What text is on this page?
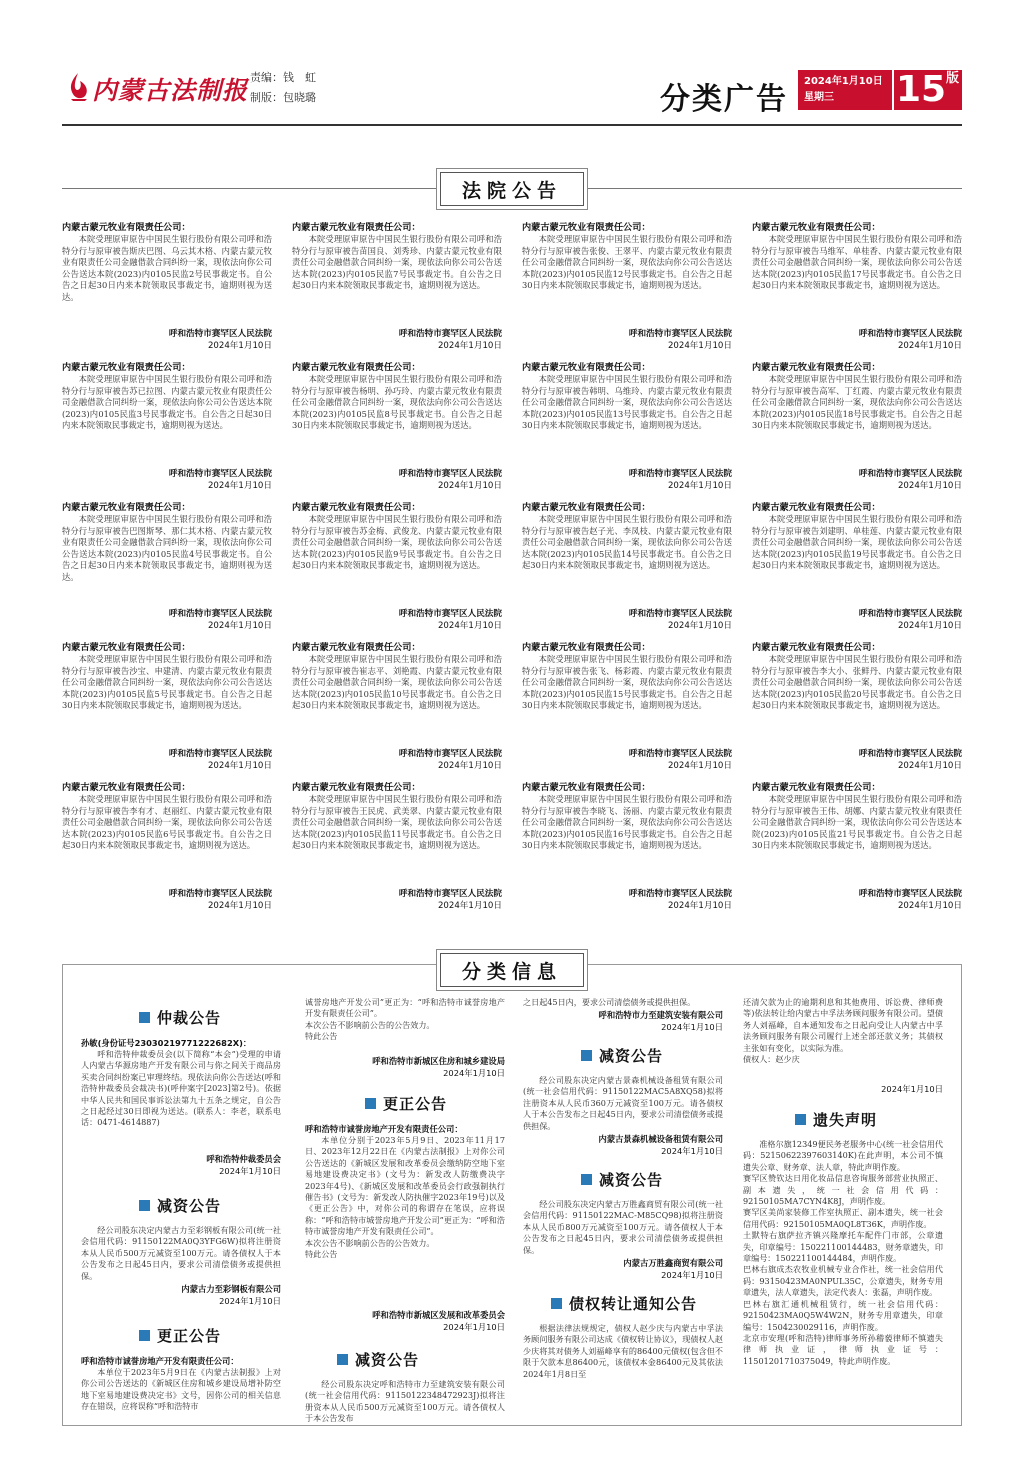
内蒙古法制报 责编：钱　虹
制版：包晓璐	分类广告
2024年1月10日
星期三	15 版
法院公告
内蒙古蒙元牧业有限责任公司：
本院受理原审原告中国民生银行股份有限公司呼和浩特分行与原审被告斯庆巴图、乌云其木格、内蒙古蒙元牧业有限责任公司金融借款合同纠纷一案，现依法向你公司公告送达本院(2023)内0105民监2号民事裁定书。自公告之日起30日内来本院领取民事裁定书，逾期则视为送达。
呼和浩特市赛罕区人民法院
2024年1月10日
内蒙古蒙元牧业有限责任公司：
本院受理原审原告中国民生银行股份有限公司呼和浩特分行与原审被告苏已拉图、内蒙古蒙元牧业有限责任公司金融借款合同纠纷一案，现依法向你公司公告送达本院(2023)内0105民监3号民事裁定书。自公告之日起30日内来本院领取民事裁定书，逾期则视为送达。
呼和浩特市赛罕区人民法院
2024年1月10日
内蒙古蒙元牧业有限责任公司：
本院受理原审原告中国民生银行股份有限公司呼和浩特分行与原审被告巴图斯琴、那仁其木格、内蒙古蒙元牧业有限责任公司金融借款合同纠纷一案，现依法向你公司公告送达本院(2023)内0105民监4号民事裁定书。自公告之日起30日内来本院领取民事裁定书，逾期则视为送达。
呼和浩特市赛罕区人民法院
2024年1月10日
内蒙古蒙元牧业有限责任公司：
本院受理原审原告中国民生银行股份有限公司呼和浩特分行与原审被告沙宝、申建清、内蒙古蒙元牧业有限责任公司金融借款合同纠纷一案，现依法向你公司公告送达本院(2023)内0105民监5号民事裁定书。自公告之日起30日内来本院领取民事裁定书，逾期则视为送达。
呼和浩特市赛罕区人民法院
2024年1月10日
内蒙古蒙元牧业有限责任公司：
本院受理原审原告中国民生银行股份有限公司呼和浩特分行与原审被告李有才、赵丽红、内蒙古蒙元牧业有限责任公司金融借款合同纠纷一案，现依法向你公司公告送达本院(2023)内0105民监6号民事裁定书。自公告之日起30日内来本院领取民事裁定书，逾期则视为送达。
呼和浩特市赛罕区人民法院
2024年1月10日
内蒙古蒙元牧业有限责任公司：
本院受理原审原告中国民生银行股份有限公司呼和浩特分行与原审被告苗国良、刘秀珍、内蒙古蒙元牧业有限责任公司金融借款合同纠纷一案，现依法向你公司公告送达本院(2023)内0105民监7号民事裁定书。自公告之日起30日内来本院领取民事裁定书，逾期则视为送达。
呼和浩特市赛罕区人民法院
2024年1月10日
内蒙古蒙元牧业有限责任公司：
本院受理原审原告中国民生银行股份有限公司呼和浩特分行与原审被告杨明、孙巧玲、内蒙古蒙元牧业有限责任公司金融借款合同纠纷一案，现依法向你公司公告送达本院(2023)内0105民监8号民事裁定书。自公告之日起30日内来本院领取民事裁定书，逾期则视为送达。
呼和浩特市赛罕区人民法院
2024年1月10日
内蒙古蒙元牧业有限责任公司：
本院受理原审原告中国民生银行股份有限公司呼和浩特分行与原审被告苏金梅、武俊龙、内蒙古蒙元牧业有限责任公司金融借款合同纠纷一案，现依法向你公司公告送达本院(2023)内0105民监9号民事裁定书。自公告之日起30日内来本院领取民事裁定书，逾期则视为送达。
呼和浩特市赛罕区人民法院
2024年1月10日
内蒙古蒙元牧业有限责任公司：
本院受理原审原告中国民生银行股份有限公司呼和浩特分行与原审被告崔志平、刘艳霞、内蒙古蒙元牧业有限责任公司金融借款合同纠纷一案，现依法向你公司公告送达本院(2023)内0105民监10号民事裁定书。自公告之日起30日内来本院领取民事裁定书，逾期则视为送达。
呼和浩特市赛罕区人民法院
2024年1月10日
内蒙古蒙元牧业有限责任公司：
本院受理原审原告中国民生银行股份有限公司呼和浩特分行与原审被告王民虎、武美翠、内蒙古蒙元牧业有限责任公司金融借款合同纠纷一案，现依法向你公司公告送达本院(2023)内0105民监11号民事裁定书。自公告之日起30日内来本院领取民事裁定书，逾期则视为送达。
呼和浩特市赛罕区人民法院
2024年1月10日
内蒙古蒙元牧业有限责任公司：
本院受理原审原告中国民生银行股份有限公司呼和浩特分行与原审被告张俊、王翠平、内蒙古蒙元牧业有限责任公司金融借款合同纠纷一案，现依法向你公司公告送达本院(2023)内0105民监12号民事裁定书。自公告之日起30日内来本院领取民事裁定书，逾期则视为送达。
呼和浩特市赛罕区人民法院
2024年1月10日
内蒙古蒙元牧业有限责任公司：
本院受理原审原告中国民生银行股份有限公司呼和浩特分行与原审被告韩明、乌维玲、内蒙古蒙元牧业有限责任公司金融借款合同纠纷一案，现依法向你公司公告送达本院(2023)内0105民监13号民事裁定书。自公告之日起30日内来本院领取民事裁定书，逾期则视为送达。
呼和浩特市赛罕区人民法院
2024年1月10日
内蒙古蒙元牧业有限责任公司：
本院受理原审原告中国民生银行股份有限公司呼和浩特分行与原审被告赵子光、李凤枝、内蒙古蒙元牧业有限责任公司金融借款合同纠纷一案，现依法向你公司公告送达本院(2023)内0105民监14号民事裁定书。自公告之日起30日内来本院领取民事裁定书，逾期则视为送达。
呼和浩特市赛罕区人民法院
2024年1月10日
内蒙古蒙元牧业有限责任公司：
本院受理原审原告中国民生银行股份有限公司呼和浩特分行与原审被告张飞、杨彩霞、内蒙古蒙元牧业有限责任公司金融借款合同纠纷一案，现依法向你公司公告送达本院(2023)内0105民监15号民事裁定书。自公告之日起30日内来本院领取民事裁定书，逾期则视为送达。
呼和浩特市赛罕区人民法院
2024年1月10日
内蒙古蒙元牧业有限责任公司：
本院受理原审原告中国民生银行股份有限公司呼和浩特分行与原审被告李晓飞、汤丽、内蒙古蒙元牧业有限责任公司金融借款合同纠纷一案，现依法向你公司公告送达本院(2023)内0105民监16号民事裁定书。自公告之日起30日内来本院领取民事裁定书，逾期则视为送达。
呼和浩特市赛罕区人民法院
2024年1月10日
内蒙古蒙元牧业有限责任公司：
本院受理原审原告中国民生银行股份有限公司呼和浩特分行与原审被告马维军、单桂香、内蒙古蒙元牧业有限责任公司金融借款合同纠纷一案，现依法向你公司公告送达本院(2023)内0105民监17号民事裁定书。自公告之日起30日内来本院领取民事裁定书，逾期则视为送达。
呼和浩特市赛罕区人民法院
2024年1月10日
内蒙古蒙元牧业有限责任公司：
本院受理原审原告中国民生银行股份有限公司呼和浩特分行与原审被告高军、丁红霞、内蒙古蒙元牧业有限责任公司金融借款合同纠纷一案，现依法向你公司公告送达本院(2023)内0105民监18号民事裁定书。自公告之日起30日内来本院领取民事裁定书，逾期则视为送达。
呼和浩特市赛罕区人民法院
2024年1月10日
内蒙古蒙元牧业有限责任公司：
本院受理原审原告中国民生银行股份有限公司呼和浩特分行与原审被告刘建明、单桂莲、内蒙古蒙元牧业有限责任公司金融借款合同纠纷一案，现依法向你公司公告送达本院(2023)内0105民监19号民事裁定书。自公告之日起30日内来本院领取民事裁定书，逾期则视为送达。
呼和浩特市赛罕区人民法院
2024年1月10日
内蒙古蒙元牧业有限责任公司：
本院受理原审原告中国民生银行股份有限公司呼和浩特分行与原审被告李大小、张鲜丹、内蒙古蒙元牧业有限责任公司金融借款合同纠纷一案，现依法向你公司公告送达本院(2023)内0105民监20号民事裁定书。自公告之日起30日内来本院领取民事裁定书，逾期则视为送达。
呼和浩特市赛罕区人民法院
2024年1月10日
内蒙古蒙元牧业有限责任公司：
本院受理原审原告中国民生银行股份有限公司呼和浩特分行与原审被告王伟、胡娜、内蒙古蒙元牧业有限责任公司金融借款合同纠纷一案，现依法向你公司公告送达本院(2023)内0105民监21号民事裁定书。自公告之日起30日内来本院领取民事裁定书，逾期则视为送达。
呼和浩特市赛罕区人民法院
2024年1月10日
分类信息
仲裁公告
孙敏(身份证号23030219771222682X)：
呼和浩特仲裁委员会(以下简称“本会”)受理的申请人内蒙古华源房地产开发有限公司与你之间关于商品房买卖合同纠纷案已审理终结。现依法向你公告送达(呼和浩特仲裁委员会裁决书)(呼仲案字[2023]第2号)。依据中华人民共和国民事诉讼法第九十五条之规定，自公告之日起经过30日即视为送达。(联系人：李老，联系电话：0471-4614887)
呼和浩特仲裁委员会
2024年1月10日
减资公告
经公司股东决定内蒙古力至彩钢板有限公司(统一社会信用代码：91150122MA0Q3YFG6W)拟将注册资本从人民币500万元减资至100万元。请各债权人于本公告发布之日起45日内，要求公司清偿债务或提供担保。
内蒙古力至彩钢板有限公司
2024年1月10日
更正公告
呼和浩特市诚誉房地产开发有限责任公司：
本单位于2023年5月9日在《内蒙古法制报》上对你公司公告送达的《新城区住房和城乡建设局增补防空地下室易地建设费决定书》文号，因你公司的相关信息存在错误，应将误称“呼和浩特市
诚誉房地产开发公司”更正为：“呼和浩特市诚誉房地产开发有限责任公司”。
本次公告不影响前公告的公告效力。
特此公告
呼和浩特市新城区住房和城乡建设局
2024年1月10日
更正公告
呼和浩特市诚誉房地产开发有限责任公司：
本单位分别于2023年5月9日、2023年11月17日、2023年12月22日在《内蒙古法制报》上对你公司公告送达的《新城区发展和改革委员会缴纳防空地下室易地建设费决定书》(文号为：新发改人防缴费决字2023年4号)、《新城区发展和改革委员会行政强制执行催告书》(文号为：新发改人防执催字2023年19号)以及《更正公告》中，对你公司的称谓存在笔误，应将误称：“呼和浩特市城誉房地产开发公司”更正为：“呼和浩特市诚誉房地产开发有限责任公司”。
本次公告不影响前公告的公告效力。
特此公告
呼和浩特市新城区发展和改革委员会
2024年1月10日
减资公告
经公司股东决定呼和浩特市力至建筑安装有限公司(统一社会信用代码：91150122348472923J)拟将注册资本从人民币500万元减资至100万元。请各债权人于本公告发布
之日起45日内，要求公司清偿债务或提供担保。
呼和浩特市力至建筑安装有限公司
2024年1月10日
减资公告
经公司股东决定内蒙古景森机械设备租赁有限公司(统一社会信用代码：91150122MAC5A8XQ58)拟将注册资本从人民币360万元减资至100万元。请各债权人于本公告发布之日起45日内，要求公司清偿债务或提供担保。
内蒙古景森机械设备租赁有限公司
2024年1月10日
减资公告
经公司股东决定内蒙古万胜鑫商贸有限公司(统一社会信用代码：91150122MAC-M85CQ98)拟将注册资本从人民币800万元减资至100万元。请各债权人于本公告发布之日起45日内，要求公司清偿债务或提供担保。
内蒙古万胜鑫商贸有限公司
2024年1月10日
债权转让通知公告
根据法律法规规定，债权人赵少庆与内蒙古中孚法务顾问服务有限公司达成《债权转让协议》，现债权人赵少庆将其对债务人刘福峰享有的86400元债权(包含但不限于欠款本息86400元，该债权本金86400元及其依法2024年1月8日至
还清欠款为止的逾期利息和其他费用、诉讼费、律师费等)依法转让给内蒙古中孚法务顾问服务有限公司。望债务人刘福峰，自本通知发布之日起向受让人内蒙古中孚法务顾问服务有限公司履行上述全部还款义务；其债权主张如有变化，以实际为准。
债权人：赵少庆
2024年1月10日
遗失声明
准格尔旗12349便民务老服务中心(统一社会信用代码：52150622397603140K)在此声明，本公司不慎遗失公章、财务章、法人章，特此声明作废。
赛罕区赞钦达日用化妆品信息咨询服务部营业执照正、副本遗失，统一社会信用代码：92150105MA7CYN4K8J，声明作废。
赛罕区美尚家装修工作室执照正、副本遗失，统一社会信用代码：92150105MA0QL8T36K，声明作废。
土默特右旗萨拉齐镇兴隆摩托车配件门市部，公章遗失，印章编号：150221100144483，财务章遗失，印章编号：150221100144484，声明作废。
巴林右旗成杰农牧业机械专业合作社，统一社会信用代码：93150423MA0NPUL35C，公章遗失，财务专用章遗失，法人章遗失，法定代表人：张磊，声明作废。
巴林右旗汇通机械租赁行，统一社会信用代码：92150423MA0Q5W4W2N，财务专用章遗失，印章编号：1504230029116，声明作废。
北京市安理(呼和浩特)律师事务所孙稽藐律师不慎遗失律师执业证，律师执业证号：11501201710375049，特此声明作废。
